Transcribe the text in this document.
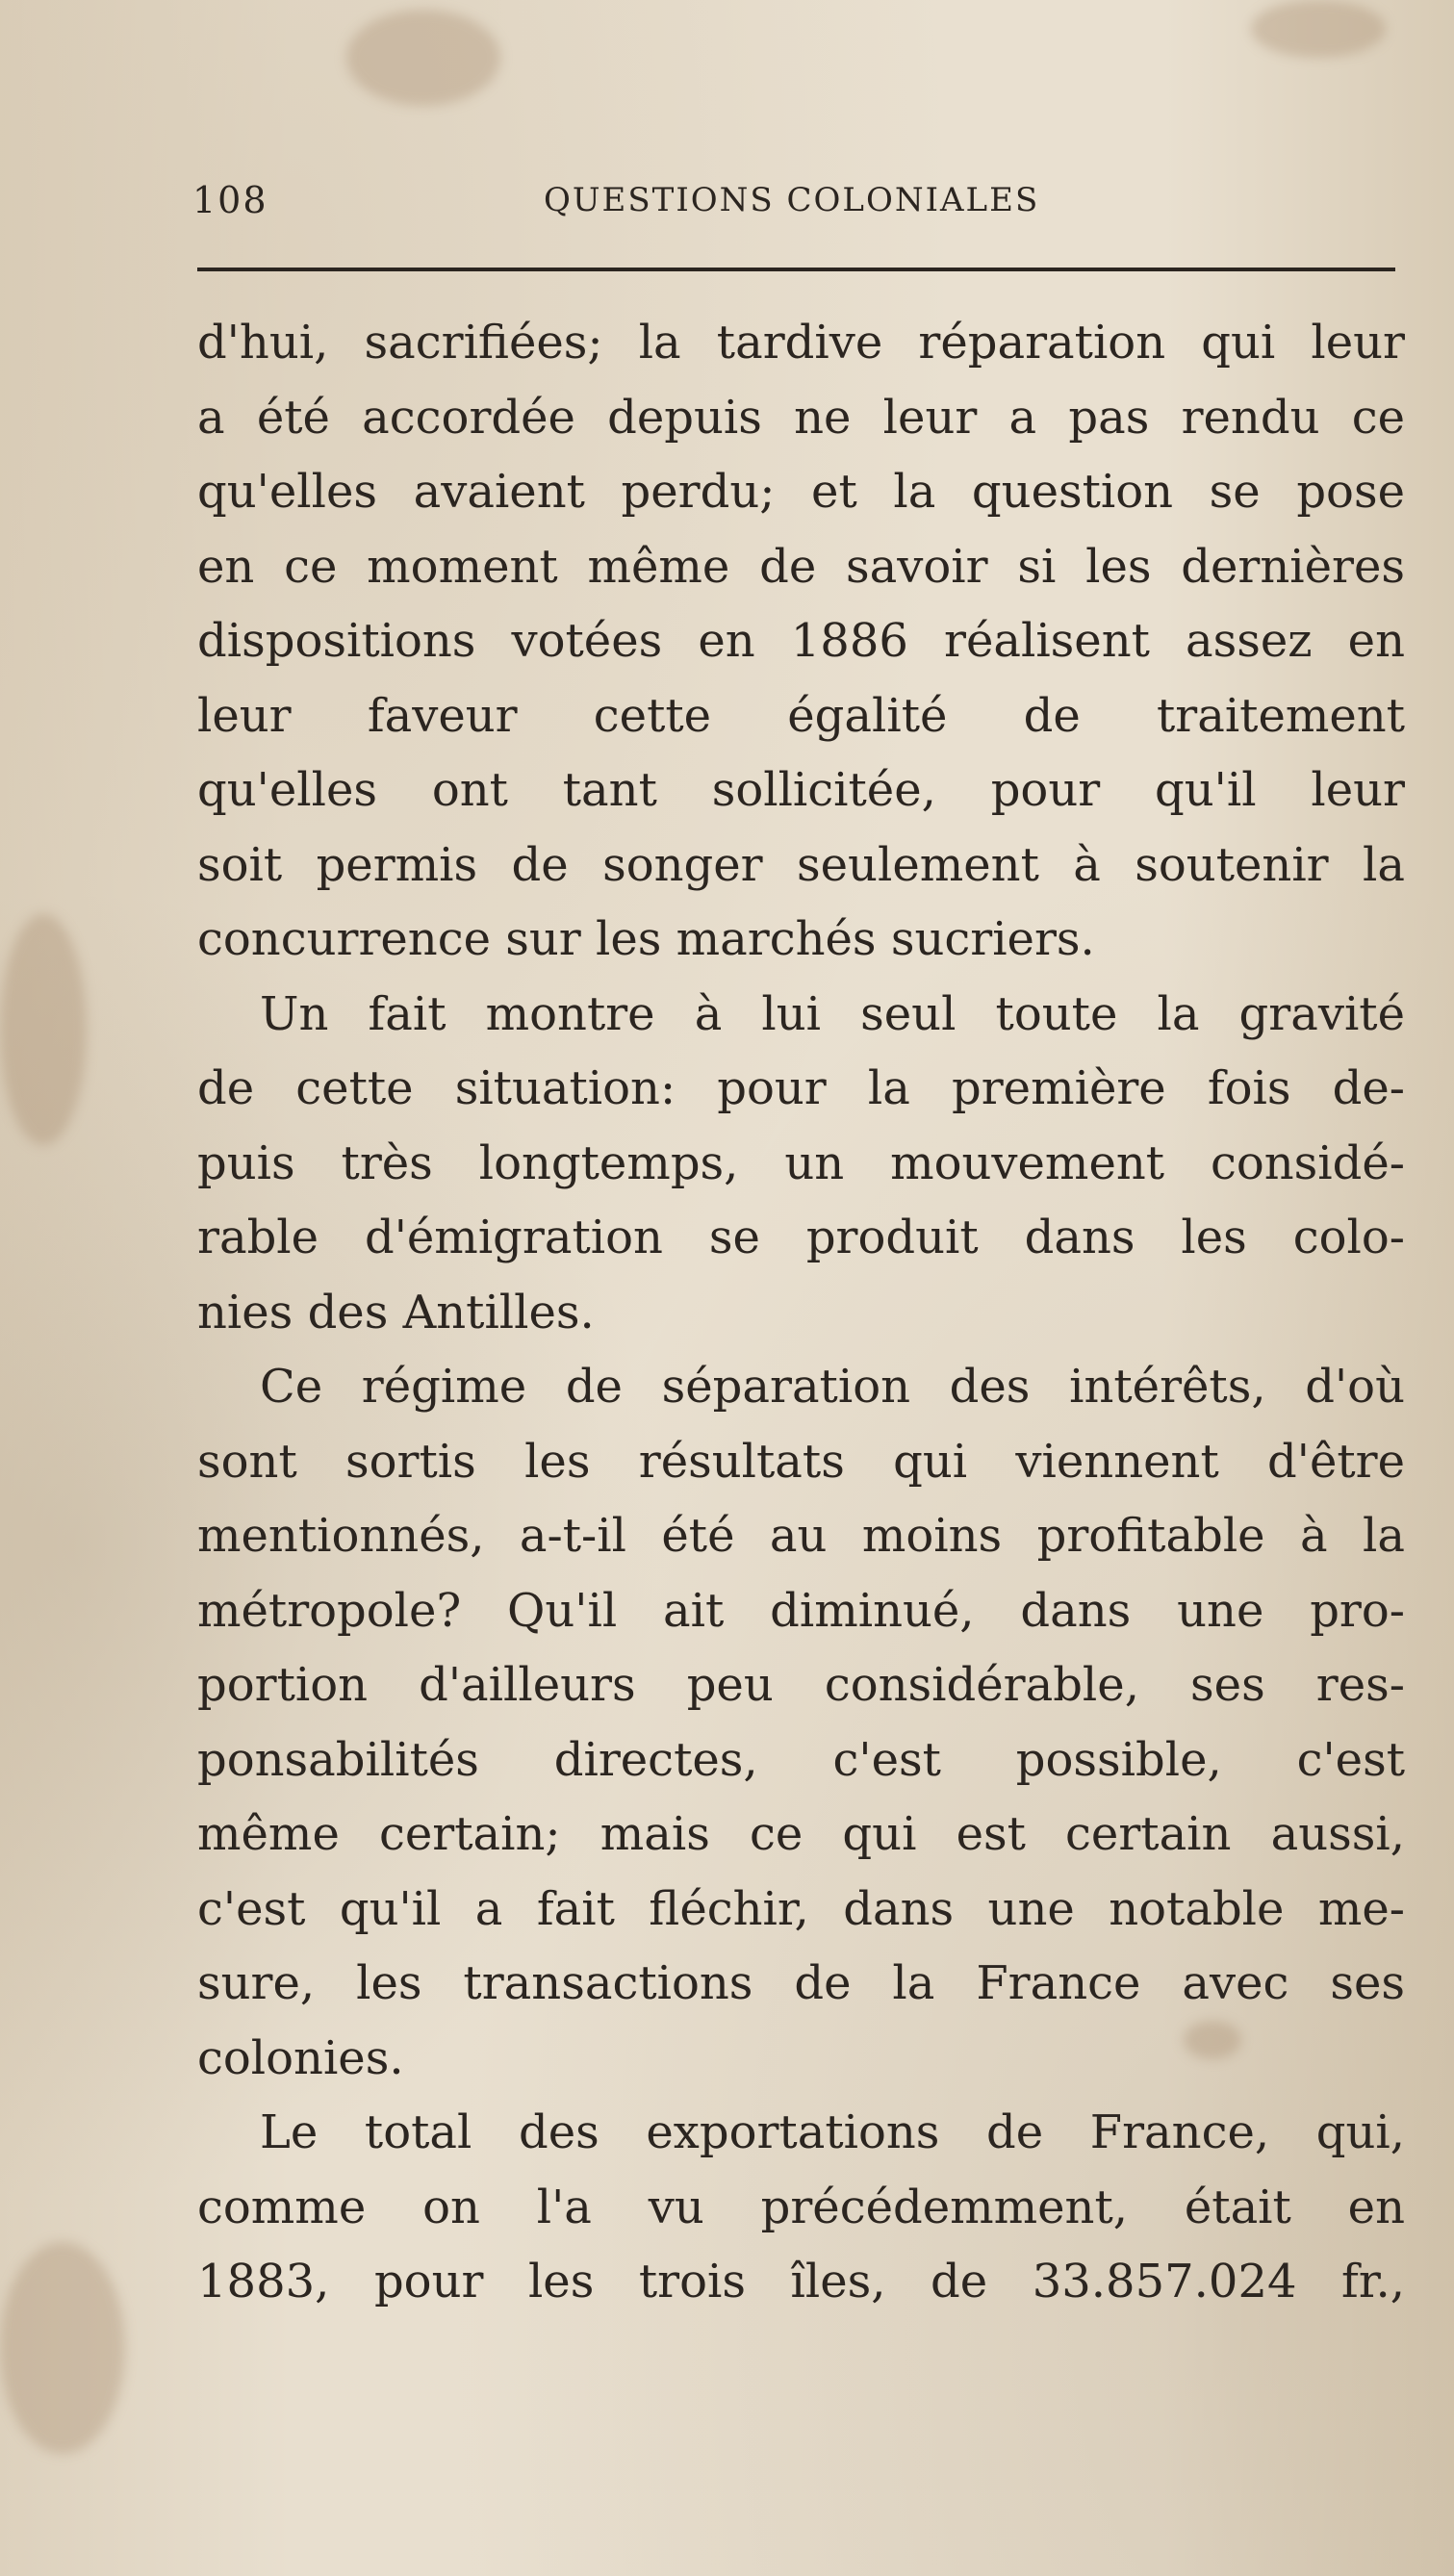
108	QUESTIONS COLONIALES
d'hui, sacrifiées; la tardive réparation qui leur
a été accordée depuis ne leur a pas rendu ce
qu'elles avaient perdu; et la question se pose
en ce moment même de savoir si les dernières
dispositions votées en 1886 réalisent assez en
leur faveur cette égalité de traitement
qu'elles ont tant sollicitée, pour qu'il leur
soit permis de songer seulement à soutenir la
concurrence sur les marchés sucriers.
Un fait montre à lui seul toute la gravité
de cette situation: pour la première fois de-
puis très longtemps, un mouvement considé-
rable d'émigration se produit dans les colo-
nies des Antilles.
Ce régime de séparation des intérêts, d'où
sont sortis les résultats qui viennent d'être
mentionnés, a-t-il été au moins profitable à la
métropole? Qu'il ait diminué, dans une pro-
portion d'ailleurs peu considérable, ses res-
ponsabilités directes, c'est possible, c'est
même certain; mais ce qui est certain aussi,
c'est qu'il a fait fléchir, dans une notable me-
sure, les transactions de la France avec ses
colonies.
Le total des exportations de France, qui,
comme on l'a vu précédemment, était en
1883, pour les trois îles, de 33.857.024 fr.,
